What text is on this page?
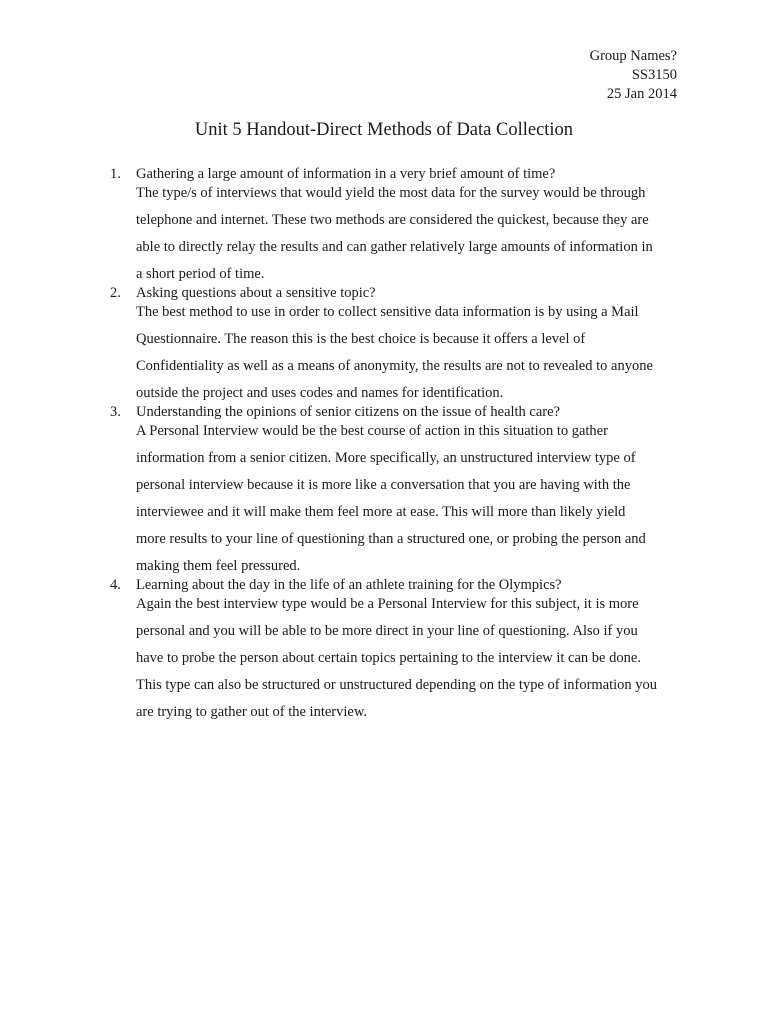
Group Names?
SS3150
25 Jan 2014
Unit 5 Handout-Direct Methods of Data Collection
1. Gathering a large amount of information in a very brief amount of time?
The type/s of interviews that would yield the most data for the survey would be through
telephone and internet. These two methods are considered the quickest, because they are
able to directly relay the results and can gather relatively large amounts of information in
a short period of time.
2. Asking questions about a sensitive topic?
The best method to use in order to collect sensitive data information is by using a Mail
Questionnaire. The reason this is the best choice is because it offers a level of
Confidentiality as well as a means of anonymity, the results are not to revealed to anyone
outside the project and uses codes and names for identification.
3. Understanding the opinions of senior citizens on the issue of health care?
A Personal Interview would be the best course of action in this situation to gather
information from a senior citizen. More specifically, an unstructured interview type of
personal interview because it is more like a conversation that you are having with the
interviewee and it will make them feel more at ease. This will more than likely yield
more results to your line of questioning than a structured one, or probing the person and
making them feel pressured.
4. Learning about the day in the life of an athlete training for the Olympics?
Again the best interview type would be a Personal Interview for this subject, it is more
personal and you will be able to be more direct in your line of questioning. Also if you
have to probe the person about certain topics pertaining to the interview it can be done.
This type can also be structured or unstructured depending on the type of information you
are trying to gather out of the interview.
